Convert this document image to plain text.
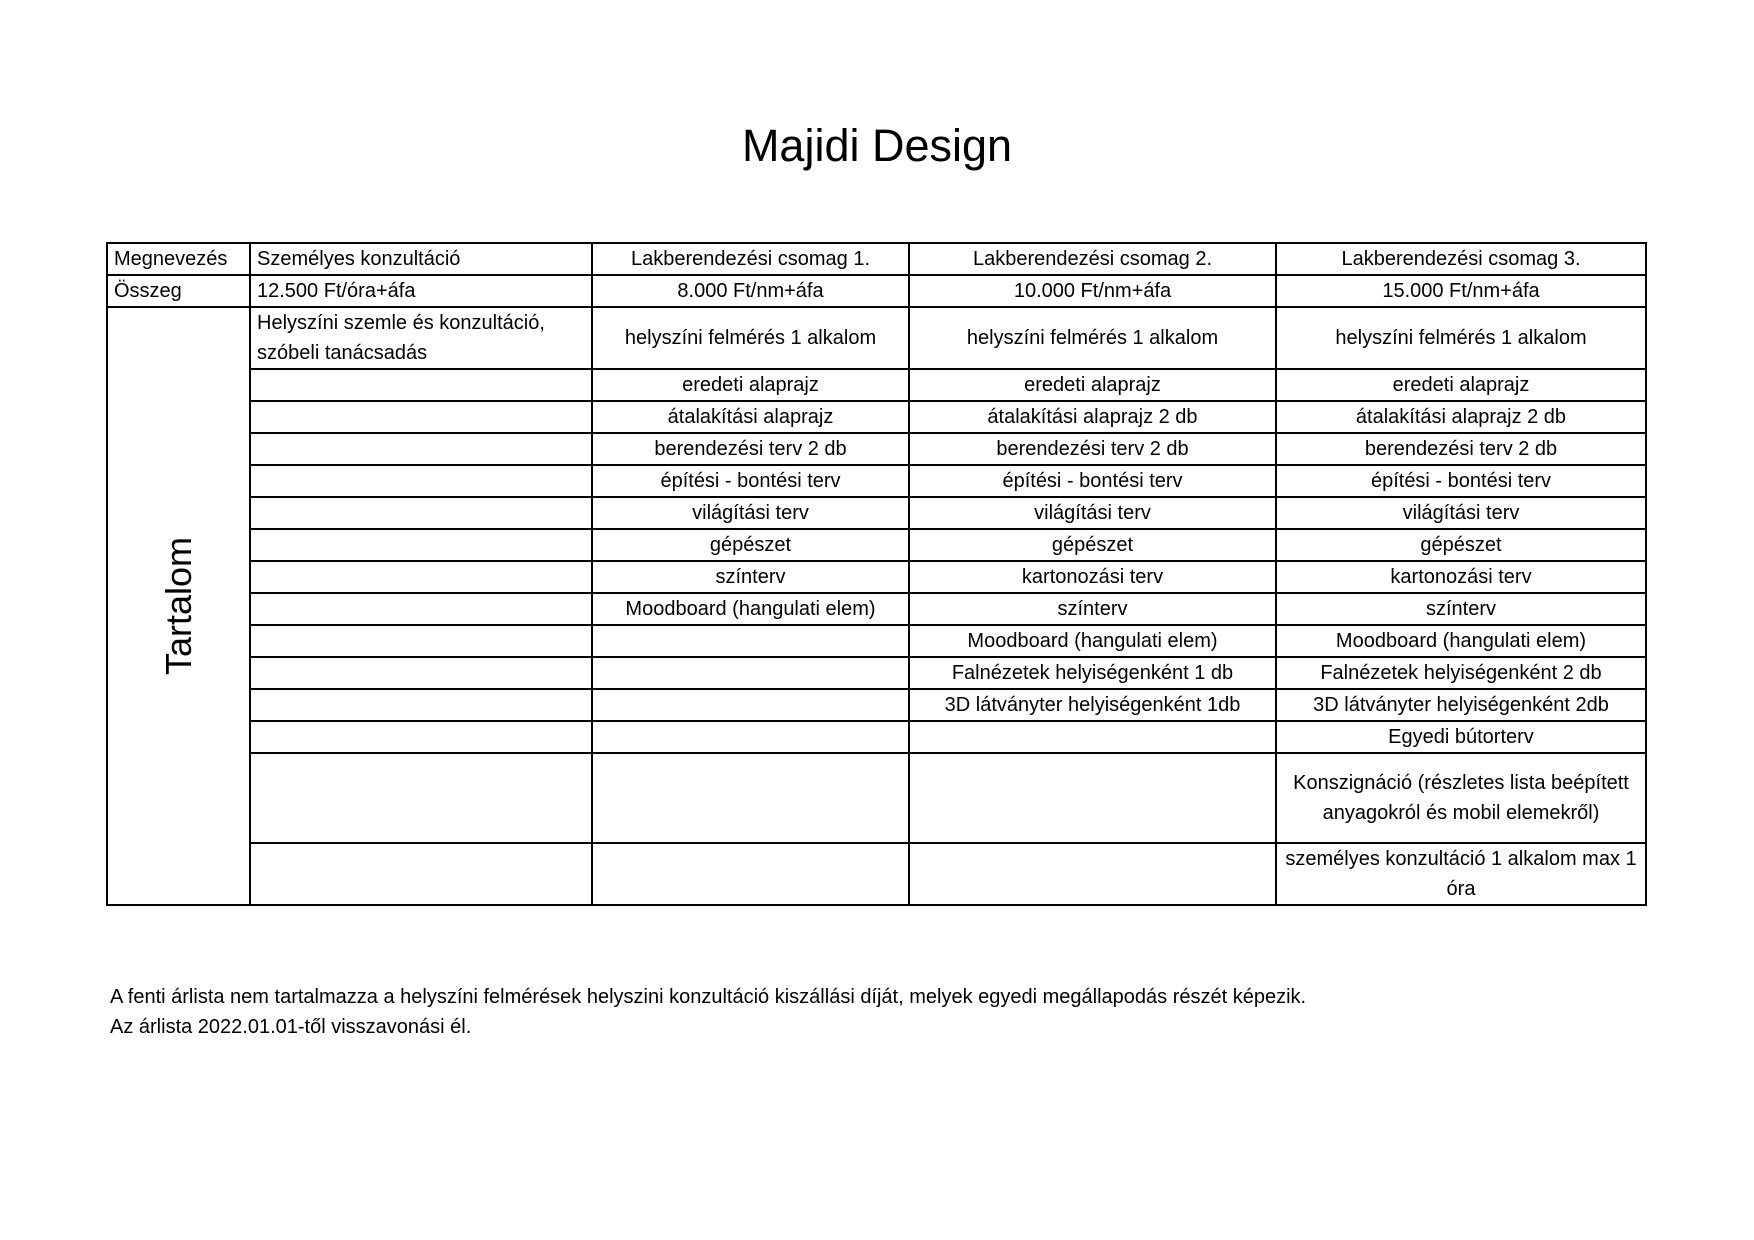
Majidi Design
Megnevezés	Személyes konzultáció	Lakberendezési csomag 1.	Lakberendezési csomag 2.	Lakberendezési csomag 3.
Összeg	12.500 Ft/óra+áfa	8.000 Ft/nm+áfa	10.000 Ft/nm+áfa	15.000 Ft/nm+áfa

Tartalom	Helyszíni szemle és konzultáció, szóbeli tanácsadás	helyszíni felmérés 1 alkalom	helyszíni felmérés 1 alkalom	helyszíni felmérés 1 alkalom
		eredeti alaprajz	eredeti alaprajz	eredeti alaprajz
		átalakítási alaprajz	átalakítási alaprajz 2 db	átalakítási alaprajz 2 db
		berendezési terv 2 db	berendezési terv 2 db	berendezési terv 2 db
		építési - bontési terv	építési - bontési terv	építési - bontési terv
		világítási terv	világítási terv	világítási terv
		gépészet	gépészet	gépészet
		színterv	kartonozási terv	kartonozási terv
		Moodboard (hangulati elem)	színterv	színterv
			Moodboard (hangulati elem)	Moodboard (hangulati elem)
			Falnézetek helyiségenként 1 db	Falnézetek helyiségenként 2 db
			3D látványter helyiségenként 1db	3D látványter helyiségenként 2db
				Egyedi bútorterv
				Konszignáció (részletes lista beépített anyagokról és mobil elemekről)
				személyes konzultáció 1 alkalom max 1 óra

A fenti árlista nem tartalmazza a helyszíni felmérések helyszini konzultáció kiszállási díját, melyek egyedi megállapodás részét képezik.

Az árlista 2022.01.01-től visszavonási él.
